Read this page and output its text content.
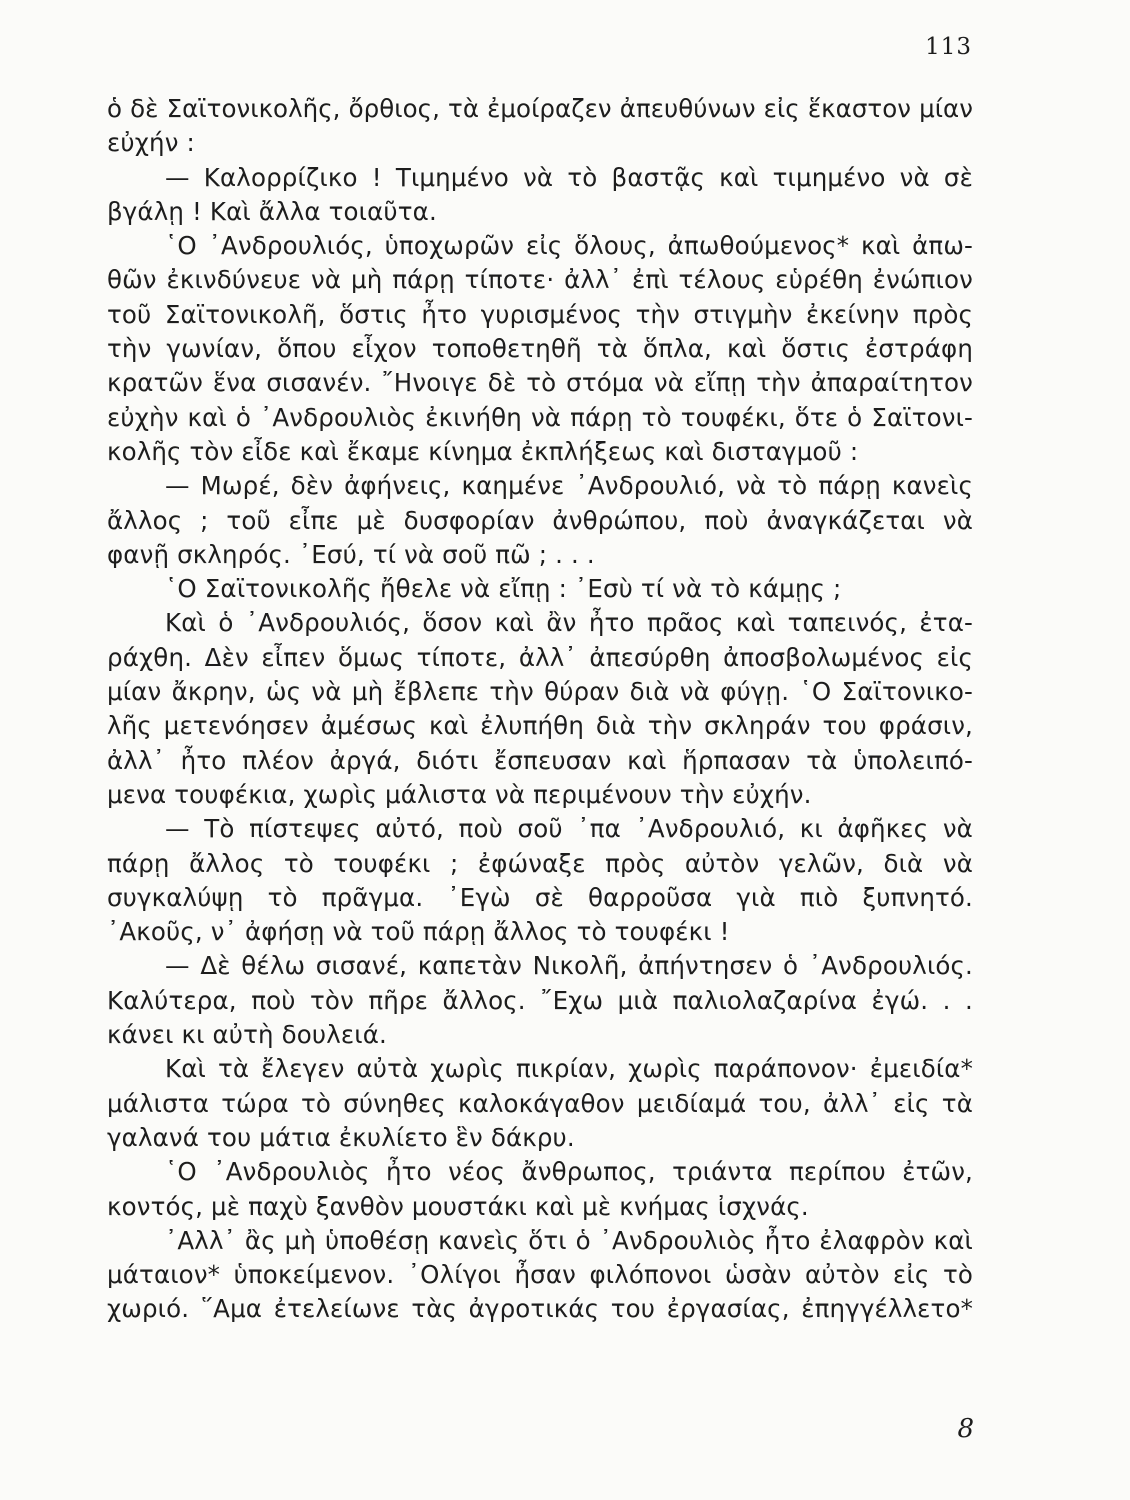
113
ὁ δὲ Σαϊτονικολῆς, ὄρθιος, τὰ ἐμοίραζεν ἀπευθύνων εἰς ἕκαστον μίαν
εὐχήν :
— Καλορρίζικο ! Τιμημένο νὰ τὸ βαστᾷς καὶ τιμημένο νὰ σὲ
βγάλῃ ! Καὶ ἄλλα τοιαῦτα.
῾Ο ᾿Ανδρουλιός, ὑποχωρῶν εἰς ὅλους, ἀπωθούμενος* καὶ ἀπω-
θῶν ἐκινδύνευε νὰ μὴ πάρῃ τίποτε· ἀλλ᾿ ἐπὶ τέλους εὑρέθη ἐνώπιον
τοῦ Σαϊτονικολῆ, ὅστις ἦτο γυρισμένος τὴν στιγμὴν ἐκείνην πρὸς
τὴν γωνίαν, ὅπου εἶχον τοποθετηθῆ τὰ ὅπλα, καὶ ὅστις ἐστράφη
κρατῶν ἕνα σισανέν. ῎Ηνοιγε δὲ τὸ στόμα νὰ εἴπῃ τὴν ἀπαραίτητον
εὐχὴν καὶ ὁ ᾿Ανδρουλιὸς ἐκινήθη νὰ πάρῃ τὸ τουφέκι, ὅτε ὁ Σαϊτονι-
κολῆς τὸν εἶδε καὶ ἔκαμε κίνημα ἐκπλήξεως καὶ δισταγμοῦ :
— Μωρέ, δὲν ἀφήνεις, καημένε ᾿Ανδρουλιό, νὰ τὸ πάρῃ κανεὶς
ἄλλος ; τοῦ εἶπε μὲ δυσφορίαν ἀνθρώπου, ποὺ ἀναγκάζεται νὰ
φανῇ σκληρός. ᾿Εσύ, τί νὰ σοῦ πῶ ; . . .
῾Ο Σαϊτονικολῆς ἤθελε νὰ εἴπῃ : ᾿Εσὺ τί νὰ τὸ κάμῃς ;
Καὶ ὁ ᾿Ανδρουλιός, ὅσον καὶ ἂν ἦτο πρᾶος καὶ ταπεινός, ἐτα-
ράχθη. Δὲν εἶπεν ὅμως τίποτε, ἀλλ᾿ ἀπεσύρθη ἀποσβολωμένος εἰς
μίαν ἄκρην, ὡς νὰ μὴ ἔβλεπε τὴν θύραν διὰ νὰ φύγῃ. ῾Ο Σαϊτονικο-
λῆς μετενόησεν ἀμέσως καὶ ἐλυπήθη διὰ τὴν σκληράν του φράσιν,
ἀλλ᾿ ἦτο πλέον ἀργά, διότι ἔσπευσαν καὶ ἥρπασαν τὰ ὑπολειπό-
μενα τουφέκια, χωρὶς μάλιστα νὰ περιμένουν τὴν εὐχήν.
— Τὸ πίστεψες αὐτό, ποὺ σοῦ ᾿πα ᾿Ανδρουλιό, κι ἀφῆκες νὰ
πάρῃ ἄλλος τὸ τουφέκι ; ἐφώναξε πρὸς αὐτὸν γελῶν, διὰ νὰ
συγκαλύψῃ τὸ πρᾶγμα. ᾿Εγὼ σὲ θαρροῦσα γιὰ πιὸ ξυπνητό.
᾿Ακοῦς, ν᾿ ἀφήσῃ νὰ τοῦ πάρῃ ἄλλος τὸ τουφέκι !
— Δὲ θέλω σισανέ, καπετὰν Νικολῆ, ἀπήντησεν ὁ ᾿Ανδρουλιός.
Καλύτερα, ποὺ τὸν πῆρε ἄλλος. ῎Εχω μιὰ παλιολαζαρίνα ἐγώ. . .
κάνει κι αὐτὴ δουλειά.
Καὶ τὰ ἔλεγεν αὐτὰ χωρὶς πικρίαν, χωρὶς παράπονον· ἐμειδία*
μάλιστα τώρα τὸ σύνηθες καλοκάγαθον μειδίαμά του, ἀλλ᾿ εἰς τὰ
γαλανά του μάτια ἐκυλίετο ἓν δάκρυ.
῾Ο ᾿Ανδρουλιὸς ἦτο νέος ἄνθρωπος, τριάντα περίπου ἐτῶν,
κοντός, μὲ παχὺ ξανθὸν μουστάκι καὶ μὲ κνήμας ἰσχνάς.
᾿Αλλ᾿ ἂς μὴ ὑποθέσῃ κανεὶς ὅτι ὁ ᾿Ανδρουλιὸς ἦτο ἐλαφρὸν καὶ
μάταιον* ὑποκείμενον. ᾿Ολίγοι ἦσαν φιλόπονοι ὡσὰν αὐτὸν εἰς τὸ
χωριό. ῞Αμα ἐτελείωνε τὰς ἀγροτικάς του ἐργασίας, ἐπηγγέλλετο*
8
